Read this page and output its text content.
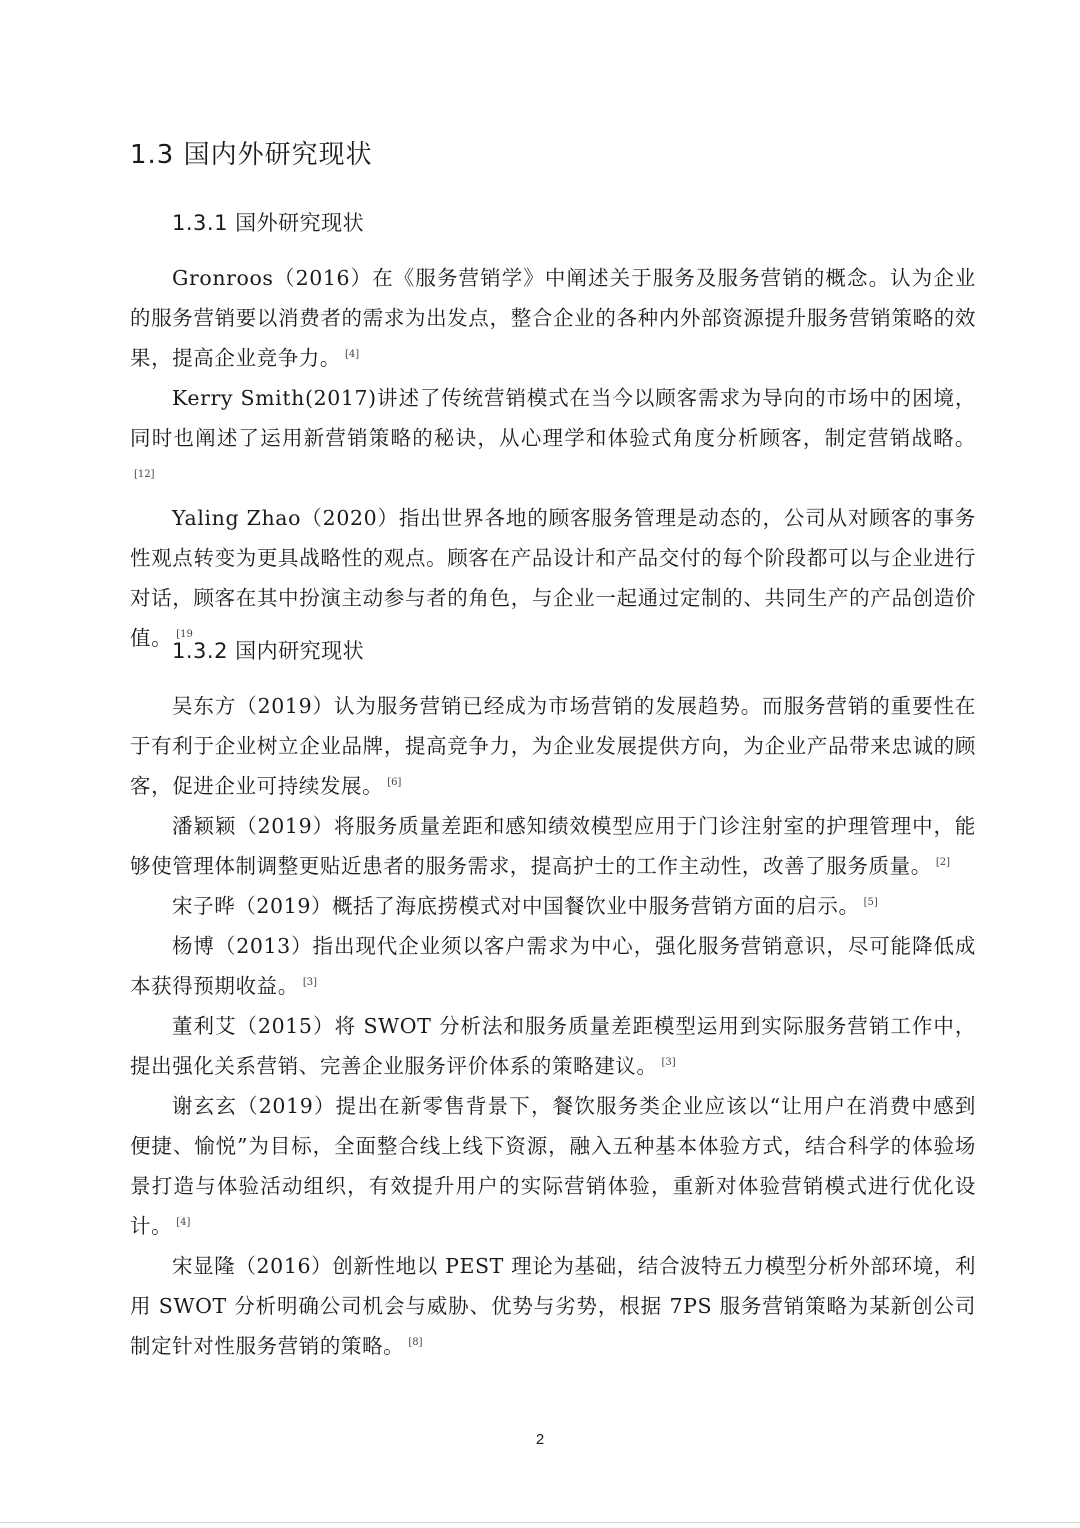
1.3 国内外研究现状
1.3.1 国外研究现状

Gronroos（2016）在《服务营销学》中阐述关于服务及服务营销的概念。认为企业的服务营销要以消费者的需求为出发点，整合企业的各种内外部资源提升服务营销策略的效果，提高企业竞争力。 [4]

Kerry Smith(2017)讲述了传统营销模式在当今以顾客需求为导向的市场中的困境，同时也阐述了运用新营销策略的秘诀，从心理学和体验式角度分析顾客，制定营销战略。[12]

Yaling Zhao（2020）指出世界各地的顾客服务管理是动态的，公司从对顾客的事务性观点转变为更具战略性的观点。顾客在产品设计和产品交付的每个阶段都可以与企业进行对话，顾客在其中扮演主动参与者的角色，与企业一起通过定制的、共同生产的产品创造价值。 $^{[19}$

1.3.2 国内研究现状

吴东方（2019）认为服务营销已经成为市场营销的发展趋势。而服务营销的重要性在于有利于企业树立企业品牌，提高竞争力，为企业发展提供方向，为企业产品带来忠诚的顾客，促进企业可持续发展。 [6]

潘颖颖（2019）将服务质量差距和感知绩效模型应用于门诊注射室的护理管理中，能够使管理体制调整更贴近患者的服务需求，提高护士的工作主动性，改善了服务质量。 [2]

宋子晔（2019）概括了海底捞模式对中国餐饮业中服务营销方面的启示。 [5]

杨博（2013）指出现代企业须以客户需求为中心，强化服务营销意识，尽可能降低成本获得预期收益。 [3]

董利艾（2015）将 SWOT 分析法和服务质量差距模型运用到实际服务营销工作中，提出强化关系营销、完善企业服务评价体系的策略建议。 [3]

谢玄玄（2019）提出在新零售背景下，餐饮服务类企业应该以“让用户在消费中感到便捷、愉悦”为目标，全面整合线上线下资源，融入五种基本体验方式，结合科学的体验场景打造与体验活动组织，有效提升用户的实际营销体验，重新对体验营销模式进行优化设计。 [4]

宋显隆（2016）创新性地以 PEST 理论为基础，结合波特五力模型分析外部环境，利用 SWOT 分析明确公司机会与威胁、优势与劣势，根据 7PS 服务营销策略为某新创公司制定针对性服务营销的策略。 [8]

2
